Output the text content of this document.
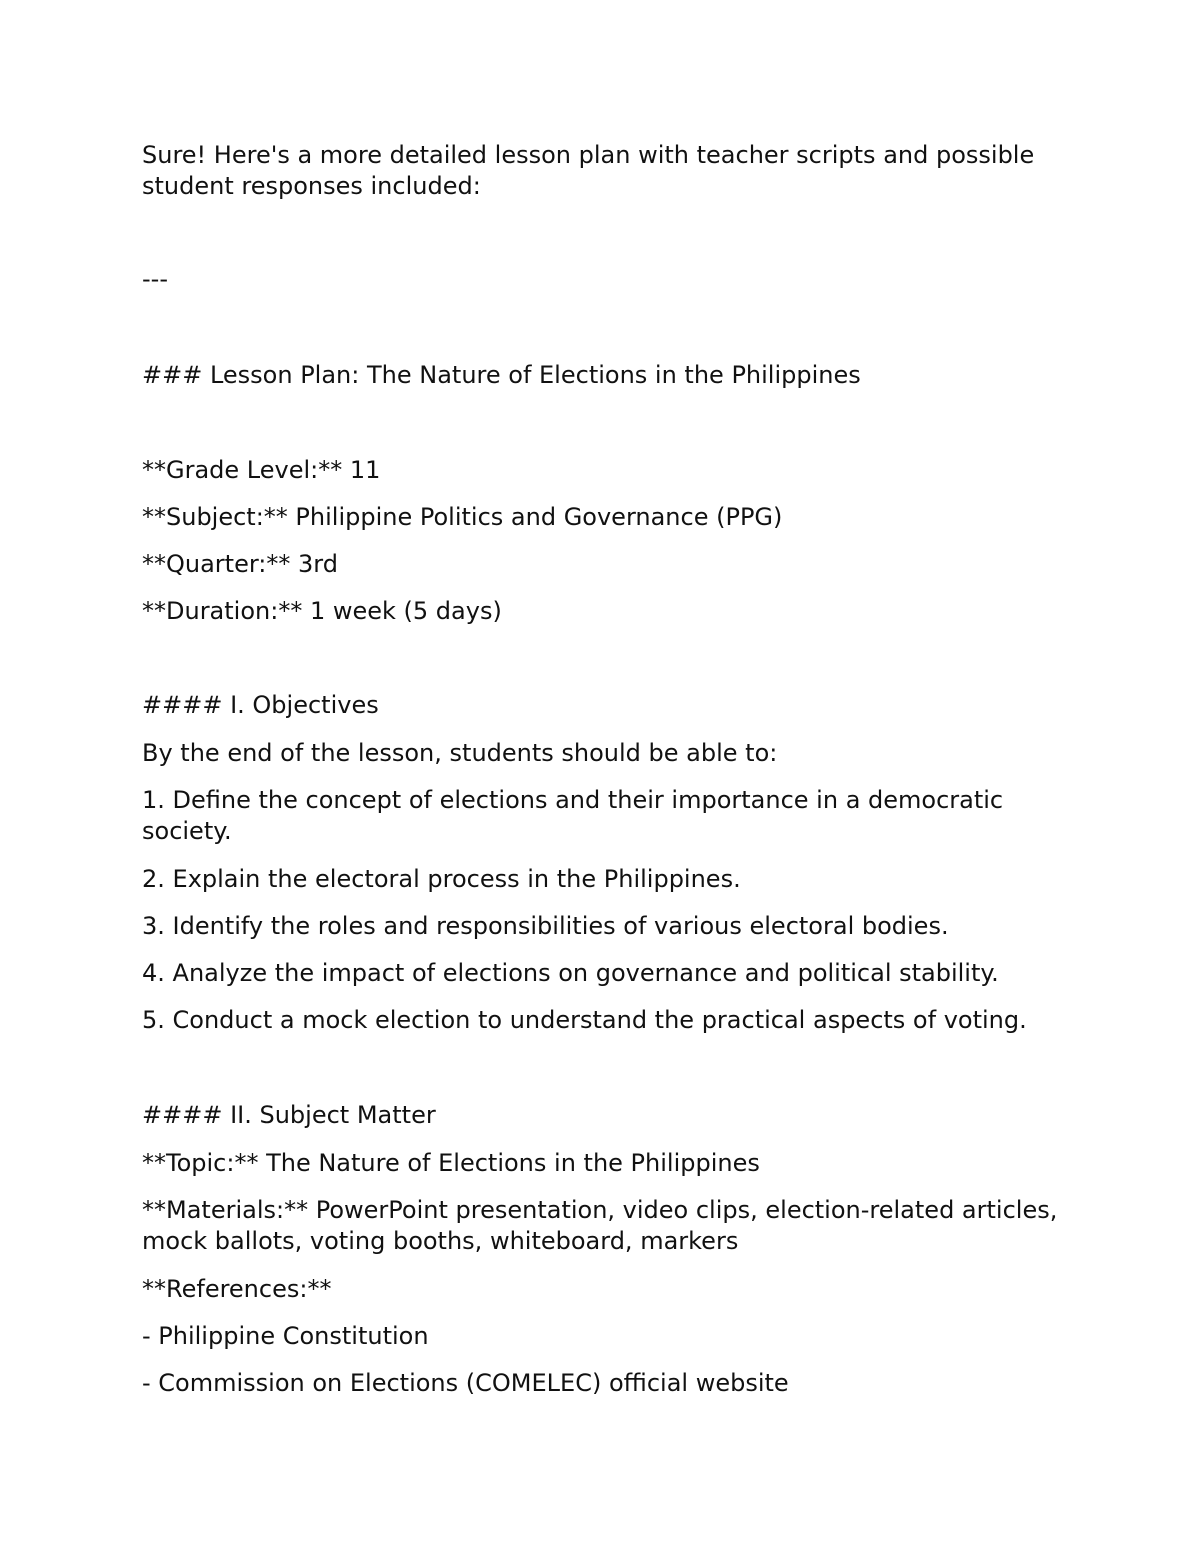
Sure! Here's a more detailed lesson plan with teacher scripts and possible student responses included:

---

### Lesson Plan: The Nature of Elections in the Philippines

**Grade Level:** 11

**Subject:** Philippine Politics and Governance (PPG)

**Quarter:** 3rd

**Duration:** 1 week (5 days)

#### I. Objectives

By the end of the lesson, students should be able to:

1. Define the concept of elections and their importance in a democratic society.

2. Explain the electoral process in the Philippines.

3. Identify the roles and responsibilities of various electoral bodies.

4. Analyze the impact of elections on governance and political stability.

5. Conduct a mock election to understand the practical aspects of voting.

#### II. Subject Matter

**Topic:** The Nature of Elections in the Philippines

**Materials:** PowerPoint presentation, video clips, election-related articles, mock ballots, voting booths, whiteboard, markers

**References:**

- Philippine Constitution

- Commission on Elections (COMELEC) official website
